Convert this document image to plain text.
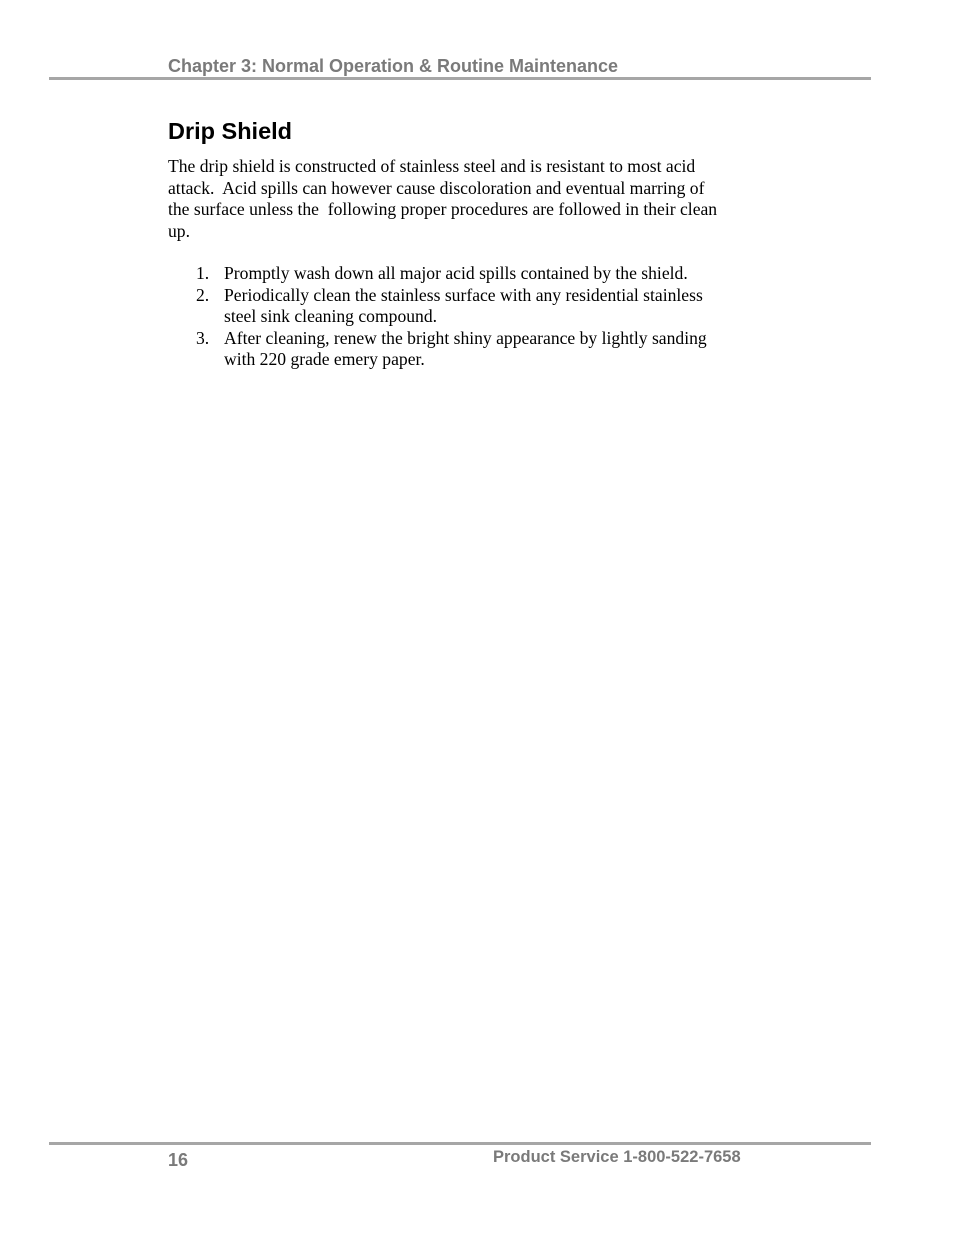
Chapter 3: Normal Operation & Routine Maintenance
Drip Shield

The drip shield is constructed of stainless steel and is resistant to most acid
attack.  Acid spills can however cause discoloration and eventual marring of
the surface unless the  following proper procedures are followed in their clean
up.

1. Promptly wash down all major acid spills contained by the shield.
2. Periodically clean the stainless surface with any residential stainless
steel sink cleaning compound.
3. After cleaning, renew the bright shiny appearance by lightly sanding
with 220 grade emery paper.
16	Product Service 1-800-522-7658
